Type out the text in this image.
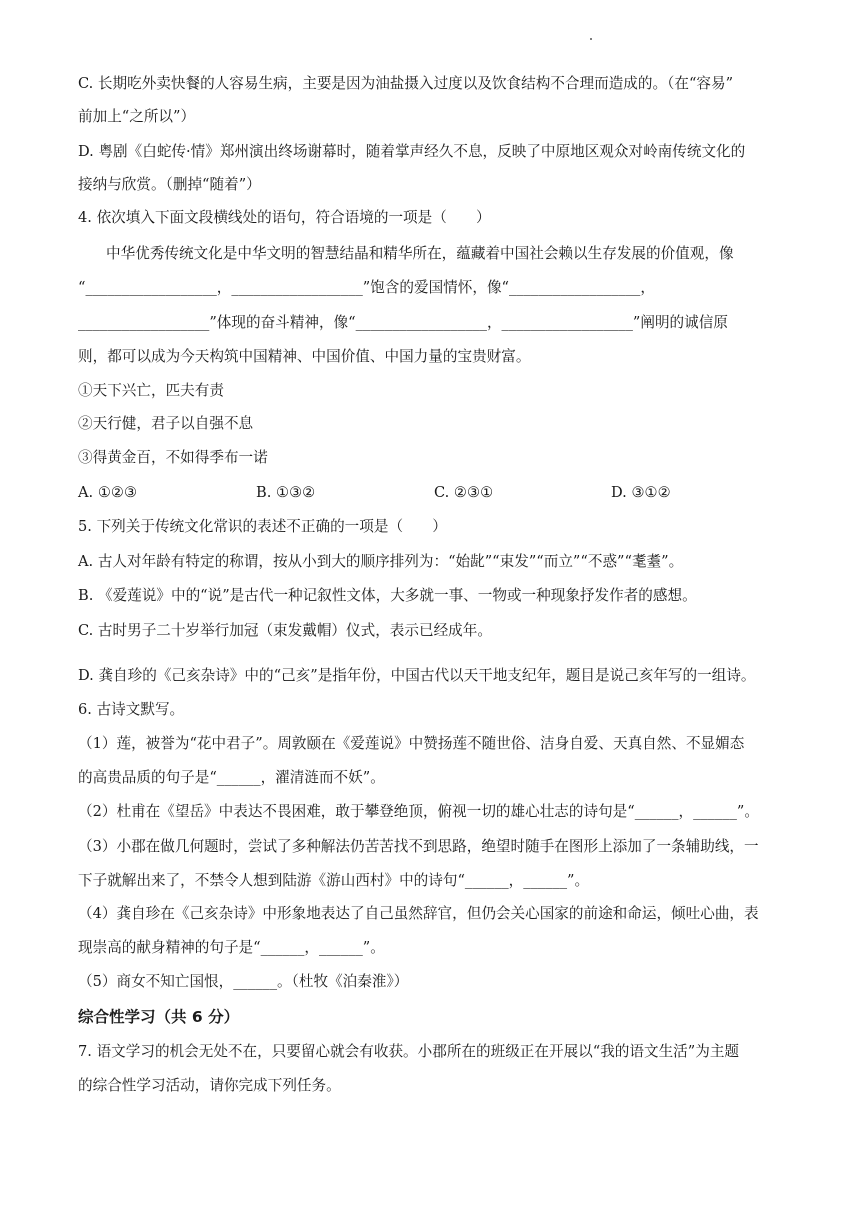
C. 长期吃外卖快餐的人容易生病，主要是因为油盐摄入过度以及饮食结构不合理而造成的。（在“容易”
前加上“之所以”）
D. 粤剧《白蛇传·情》郑州演出终场谢幕时，随着掌声经久不息，反映了中原地区观众对岭南传统文化的
接纳与欣赏。（删掉“随着”）
4. 依次填入下面文段横线处的语句，符合语境的一项是（　　）
中华优秀传统文化是中华文明的智慧结晶和精华所在，蕴藏着中国社会赖以生存发展的价值观，像
“__________________，__________________”饱含的爱国情怀，像“__________________，
__________________”体现的奋斗精神，像“__________________，__________________”阐明的诚信原
则，都可以成为今天构筑中国精神、中国价值、中国力量的宝贵财富。
①天下兴亡，匹夫有责
②天行健，君子以自强不息
③得黄金百，不如得季布一诺
A. ①②③	B. ①③②	C. ②③①	D. ③①②
5. 下列关于传统文化常识的表述不正确的一项是（　　）
A. 古人对年龄有特定的称谓，按从小到大的顺序排列为：“始龀”“束发”“而立”“不惑”“耄耋”。
B. 《爱莲说》中的“说”是古代一种记叙性文体，大多就一事、一物或一种现象抒发作者的感想。
C. 古时男子二十岁举行加冠（束发戴帽）仪式，表示已经成年。
D. 龚自珍的《己亥杂诗》中的“己亥”是指年份，中国古代以天干地支纪年，题目是说己亥年写的一组诗。
6. 古诗文默写。
（1）莲，被誉为“花中君子”。周敦颐在《爱莲说》中赞扬莲不随世俗、洁身自爱、天真自然、不显媚态
的高贵品质的句子是“______，濯清涟而不妖”。
（2）杜甫在《望岳》中表达不畏困难，敢于攀登绝顶，俯视一切的雄心壮志的诗句是“______，______”。
（3）小郡在做几何题时，尝试了多种解法仍苦苦找不到思路，绝望时随手在图形上添加了一条辅助线，一
下子就解出来了，不禁令人想到陆游《游山西村》中的诗句“______，______”。
（4）龚自珍在《己亥杂诗》中形象地表达了自己虽然辞官，但仍会关心国家的前途和命运，倾吐心曲，表
现崇高的献身精神的句子是“______，______”。
（5）商女不知亡国恨，______。（杜牧《泊秦淮》）
综合性学习（共 6 分）
7. 语文学习的机会无处不在，只要留心就会有收获。小郡所在的班级正在开展以“我的语文生活”为主题
的综合性学习活动，请你完成下列任务。
